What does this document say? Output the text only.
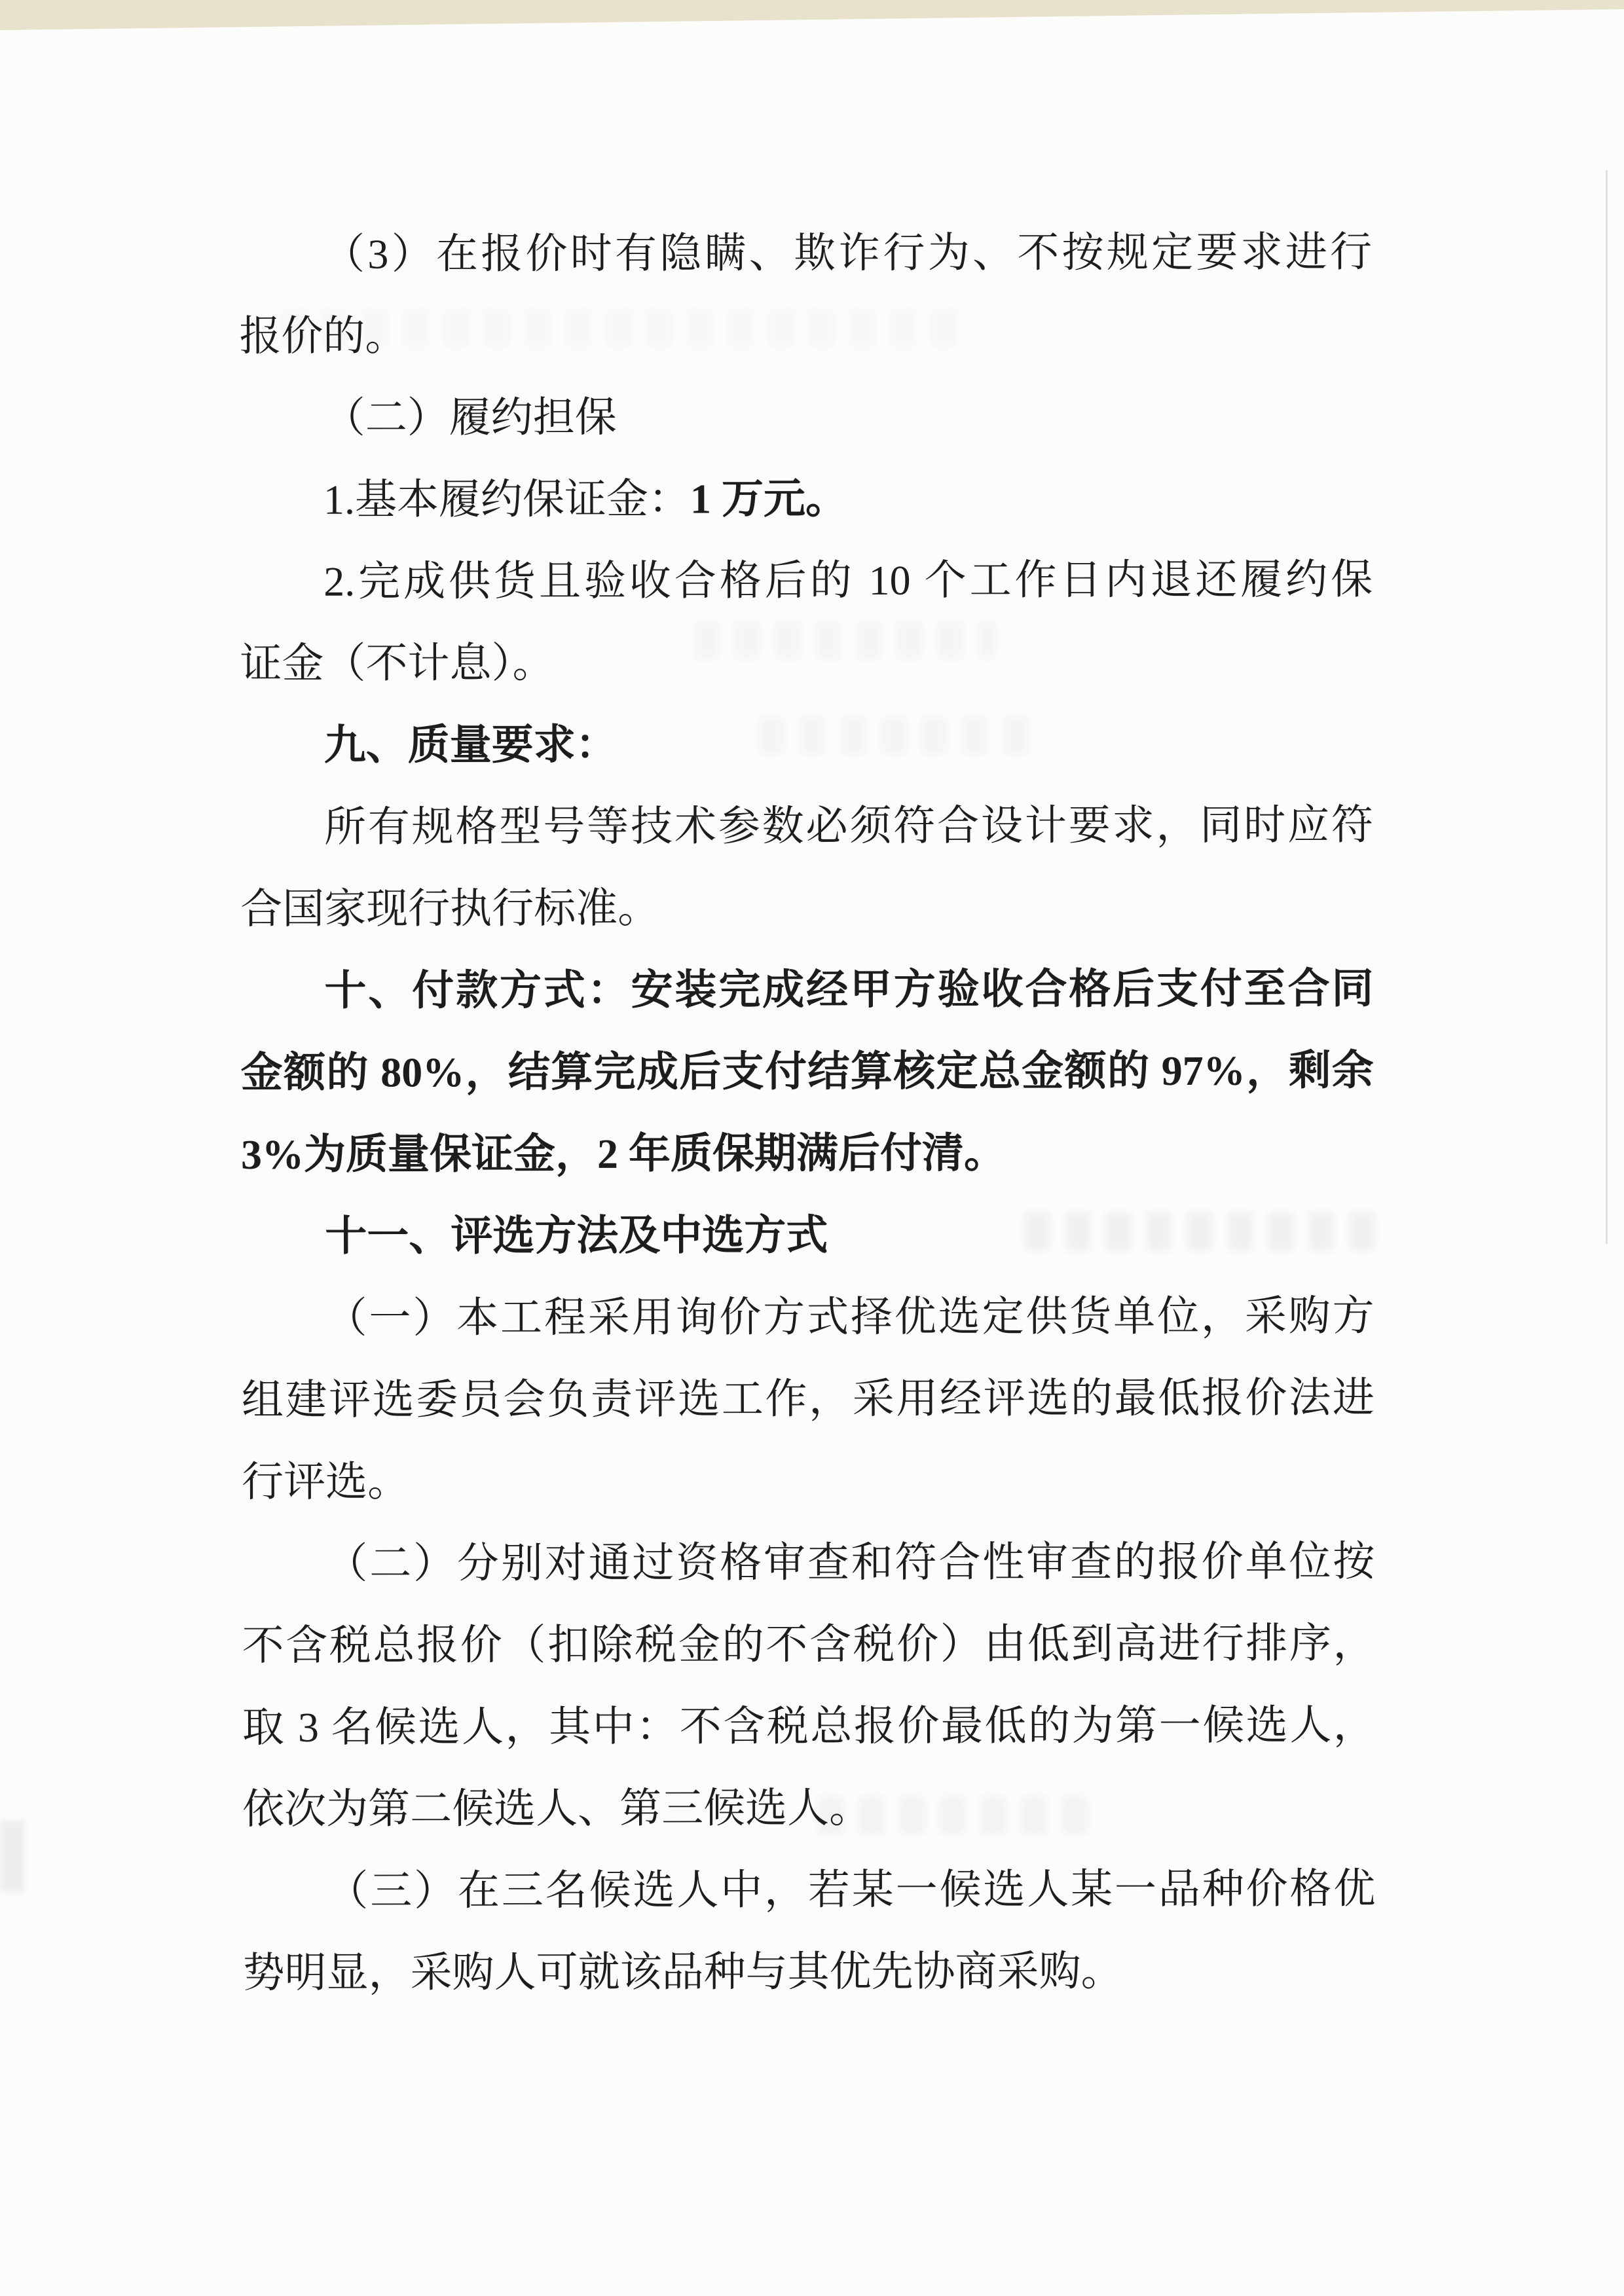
（3）在报价时有隐瞒、欺诈行为、不按规定要求进行
报价的。
（二）履约担保
1.基本履约保证金：1 万元。
2.完成供货且验收合格后的 10 个工作日内退还履约保
证金（不计息）。
九、质量要求：
所有规格型号等技术参数必须符合设计要求，同时应符
合国家现行执行标准。
十、付款方式：安装完成经甲方验收合格后支付至合同
金额的 80%，结算完成后支付结算核定总金额的 97%，剩余
3%为质量保证金，2 年质保期满后付清。
十一、评选方法及中选方式
（一）本工程采用询价方式择优选定供货单位，采购方
组建评选委员会负责评选工作，采用经评选的最低报价法进
行评选。
（二）分别对通过资格审查和符合性审查的报价单位按
不含税总报价（扣除税金的不含税价）由低到高进行排序，
取 3 名候选人，其中：不含税总报价最低的为第一候选人，
依次为第二候选人、第三候选人。
（三）在三名候选人中，若某一候选人某一品种价格优
势明显，采购人可就该品种与其优先协商采购。
